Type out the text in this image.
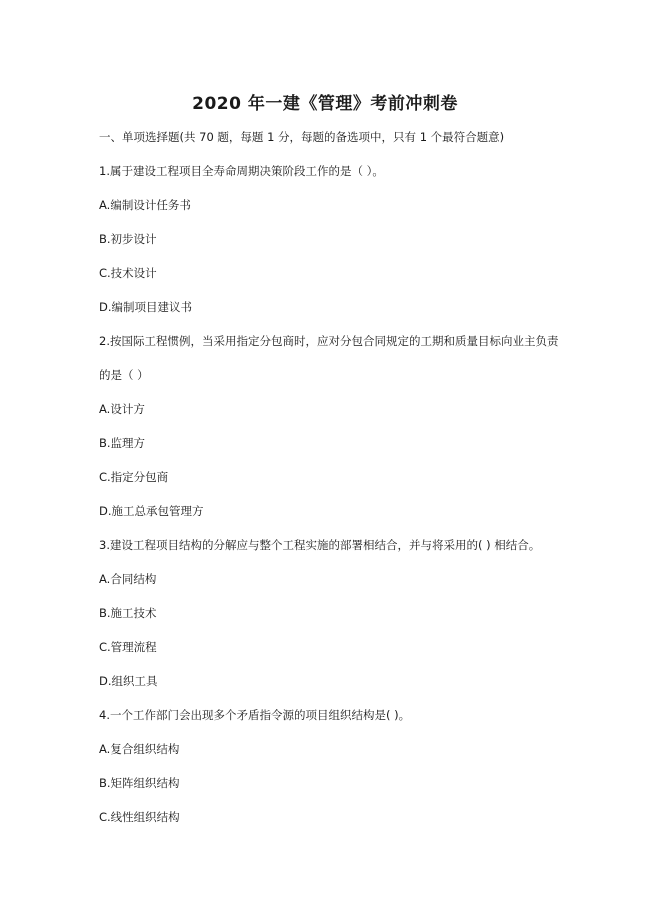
2020 年一建《管理》考前冲刺卷
一、单项选择题(共 70 题，每题 1 分，每题的备选项中，只有 1 个最符合题意)
1.属于建设工程项目全寿命周期决策阶段工作的是（ ）。
A.编制设计任务书
B.初步设计
C.技术设计
D.编制项目建议书
2.按国际工程惯例，当采用指定分包商时，应对分包合同规定的工期和质量目标向业主负责
的是（ ）
A.设计方
B.监理方
C.指定分包商
D.施工总承包管理方
3.建设工程项目结构的分解应与整个工程实施的部署相结合，并与将采用的( ) 相结合。
A.合同结构
B.施工技术
C.管理流程
D.组织工具
4.一个工作部门会出现多个矛盾指令源的项目组织结构是( )。
A.复合组织结构
B.矩阵组织结构
C.线性组织结构
